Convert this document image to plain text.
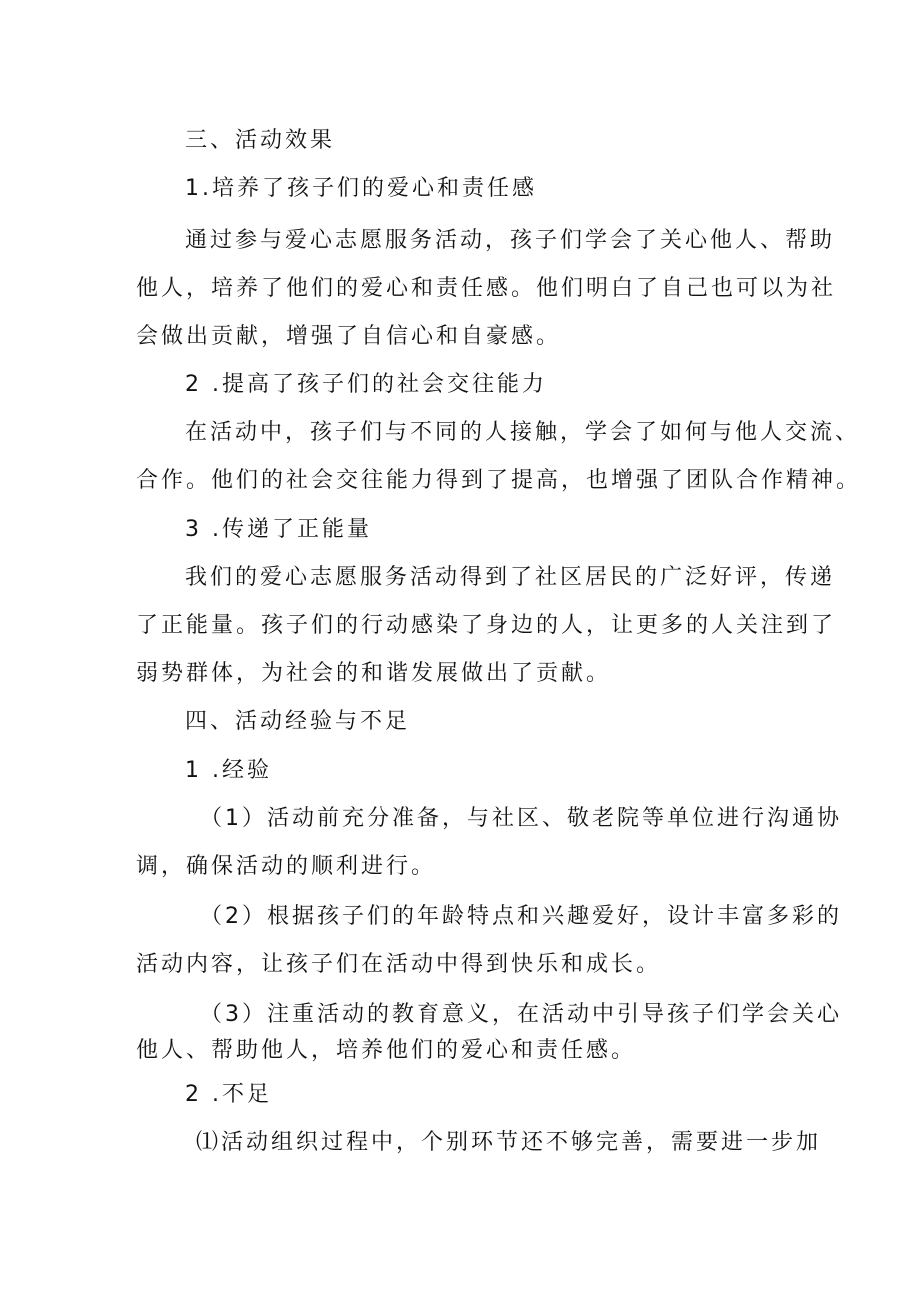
三、活动效果
1.培养了孩子们的爱心和责任感
通过参与爱心志愿服务活动，孩子们学会了关心他人、帮助
他人，培养了他们的爱心和责任感。他们明白了自己也可以为社
会做出贡献，增强了自信心和自豪感。
2 .提高了孩子们的社会交往能力
在活动中，孩子们与不同的人接触，学会了如何与他人交流、
合作。他们的社会交往能力得到了提高，也增强了团队合作精神。
3 .传递了正能量
我们的爱心志愿服务活动得到了社区居民的广泛好评，传递
了正能量。孩子们的行动感染了身边的人，让更多的人关注到了
弱势群体，为社会的和谐发展做出了贡献。
四、活动经验与不足
1 .经验
（1）活动前充分准备，与社区、敬老院等单位进行沟通协
调，确保活动的顺利进行。
（2）根据孩子们的年龄特点和兴趣爱好，设计丰富多彩的
活动内容，让孩子们在活动中得到快乐和成长。
（3）注重活动的教育意义，在活动中引导孩子们学会关心
他人、帮助他人，培养他们的爱心和责任感。
2 .不足
⑴活动组织过程中，个别环节还不够完善，需要进一步加
